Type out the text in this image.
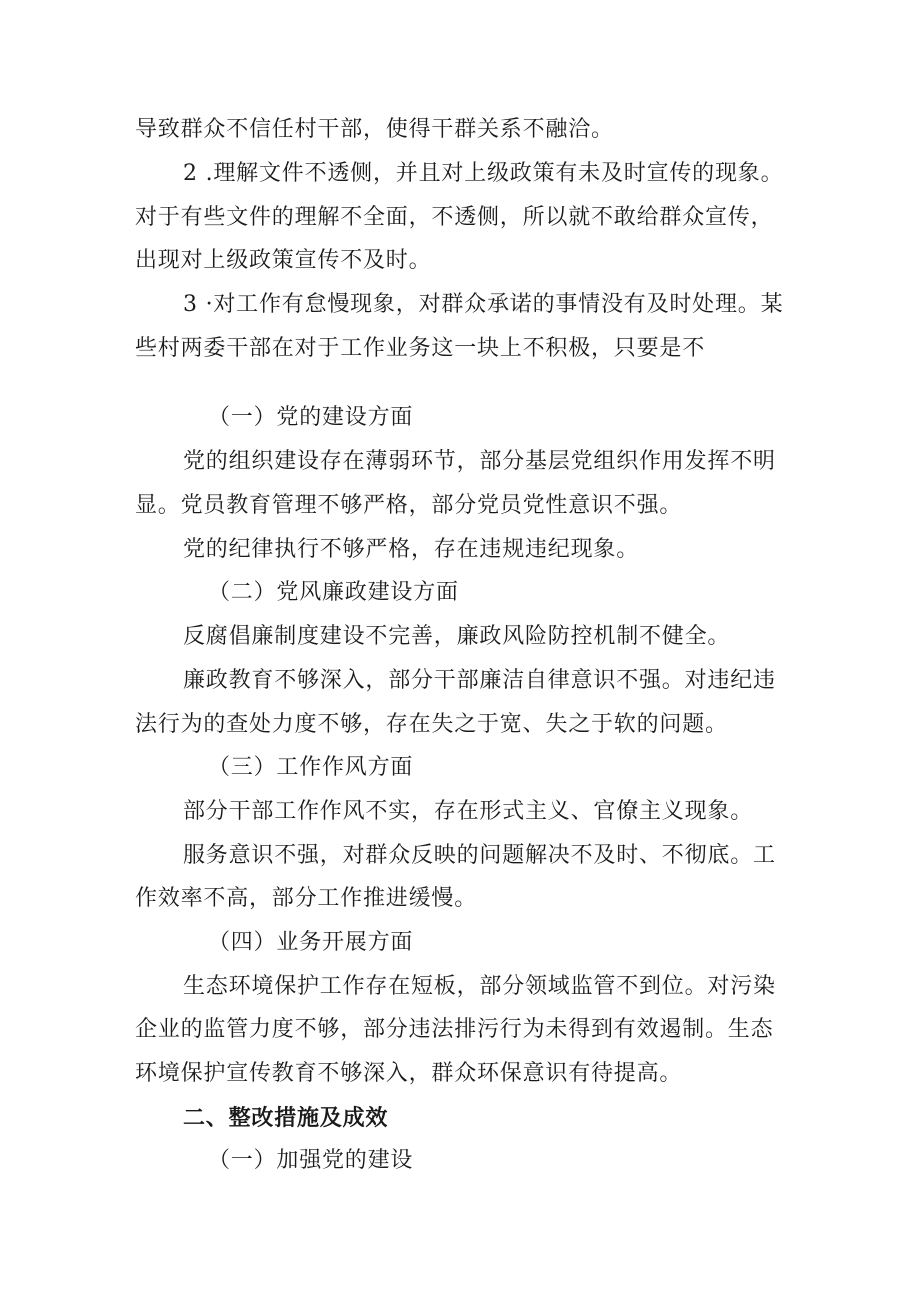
导致群众不信任村干部，使得干群关系不融洽。
2 .理解文件不透侧，并且对上级政策有未及时宣传的现象。
对于有些文件的理解不全面，不透侧，所以就不敢给群众宣传，
出现对上级政策宣传不及时。
3 ·对工作有怠慢现象，对群众承诺的事情没有及时处理。某
些村两委干部在对于工作业务这一块上不积极，只要是不
（一）党的建设方面
党的组织建设存在薄弱环节，部分基层党组织作用发挥不明
显。党员教育管理不够严格，部分党员党性意识不强。
党的纪律执行不够严格，存在违规违纪现象。
（二）党风廉政建设方面
反腐倡廉制度建设不完善，廉政风险防控机制不健全。
廉政教育不够深入，部分干部廉洁自律意识不强。对违纪违
法行为的查处力度不够，存在失之于宽、失之于软的问题。
（三）工作作风方面
部分干部工作作风不实，存在形式主义、官僚主义现象。
服务意识不强，对群众反映的问题解决不及时、不彻底。工
作效率不高，部分工作推进缓慢。
（四）业务开展方面
生态环境保护工作存在短板，部分领域监管不到位。对污染
企业的监管力度不够，部分违法排污行为未得到有效遏制。生态
环境保护宣传教育不够深入，群众环保意识有待提高。
二、整改措施及成效
（一）加强党的建设
